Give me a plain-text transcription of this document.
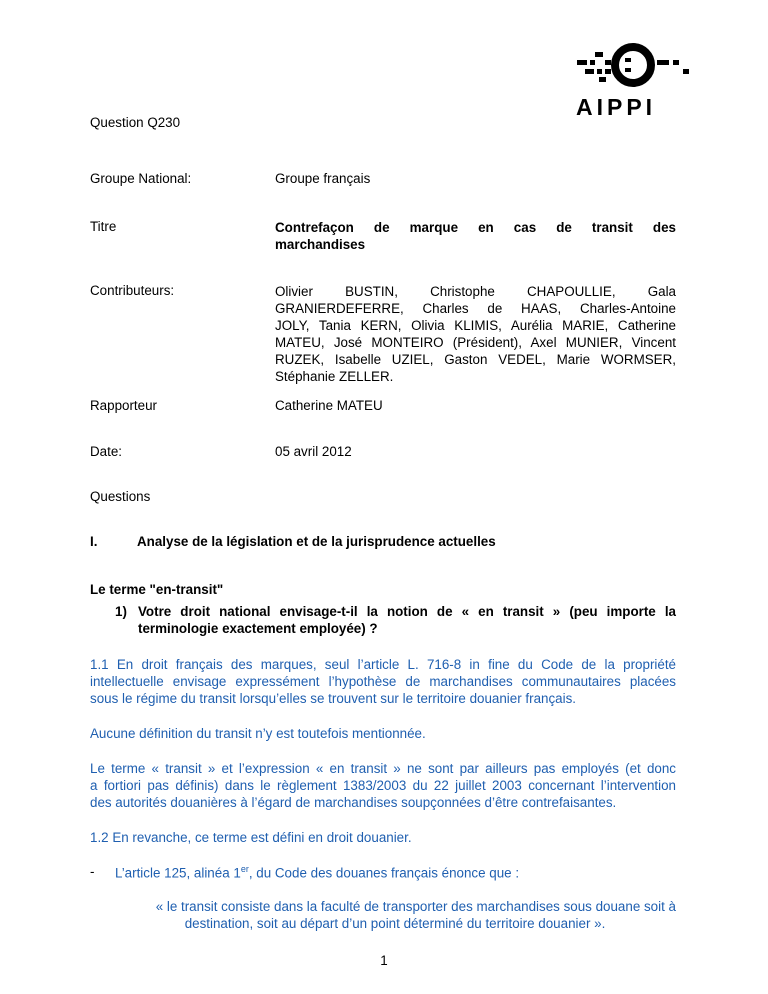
AIPPI
Question Q230
Groupe National:	Groupe français
Titre	Contrefaçon de marque en cas de transit des
marchandises
Contributeurs:	Olivier BUSTIN, Christophe CHAPOULLIE, Gala
GRANIERDEFERRE, Charles de HAAS, Charles-Antoine
JOLY, Tania KERN, Olivia KLIMIS, Aurélia MARIE, Catherine
MATEU, José MONTEIRO (Président), Axel MUNIER, Vincent
RUZEK, Isabelle UZIEL, Gaston VEDEL, Marie WORMSER,
Stéphanie ZELLER.
Rapporteur	Catherine MATEU
Date:	05 avril 2012
Questions
I.	Analyse de la législation et de la jurisprudence actuelles
Le terme "en-transit"
1) Votre droit national envisage-t-il la notion de « en transit » (peu importe la
terminologie exactement employée) ?
1.1 En droit français des marques, seul l’article L. 716-8 in fine du Code de la propriété
intellectuelle envisage expressément l’hypothèse de marchandises communautaires placées
sous le régime du transit lorsqu’elles se trouvent sur le territoire douanier français.
Aucune définition du transit n’y est toutefois mentionnée.
Le terme « transit » et l’expression « en transit » ne sont par ailleurs pas employés (et donc
a fortiori pas définis) dans le règlement 1383/2003 du 22 juillet 2003 concernant l’intervention
des autorités douanières à l’égard de marchandises soupçonnées d’être contrefaisantes.
1.2 En revanche, ce terme est défini en droit douanier.
- L’article 125, alinéa 1er, du Code des douanes français énonce que :
« le transit consiste dans la faculté de transporter des marchandises sous douane soit à
destination, soit au départ d’un point déterminé du territoire douanier ».
1
